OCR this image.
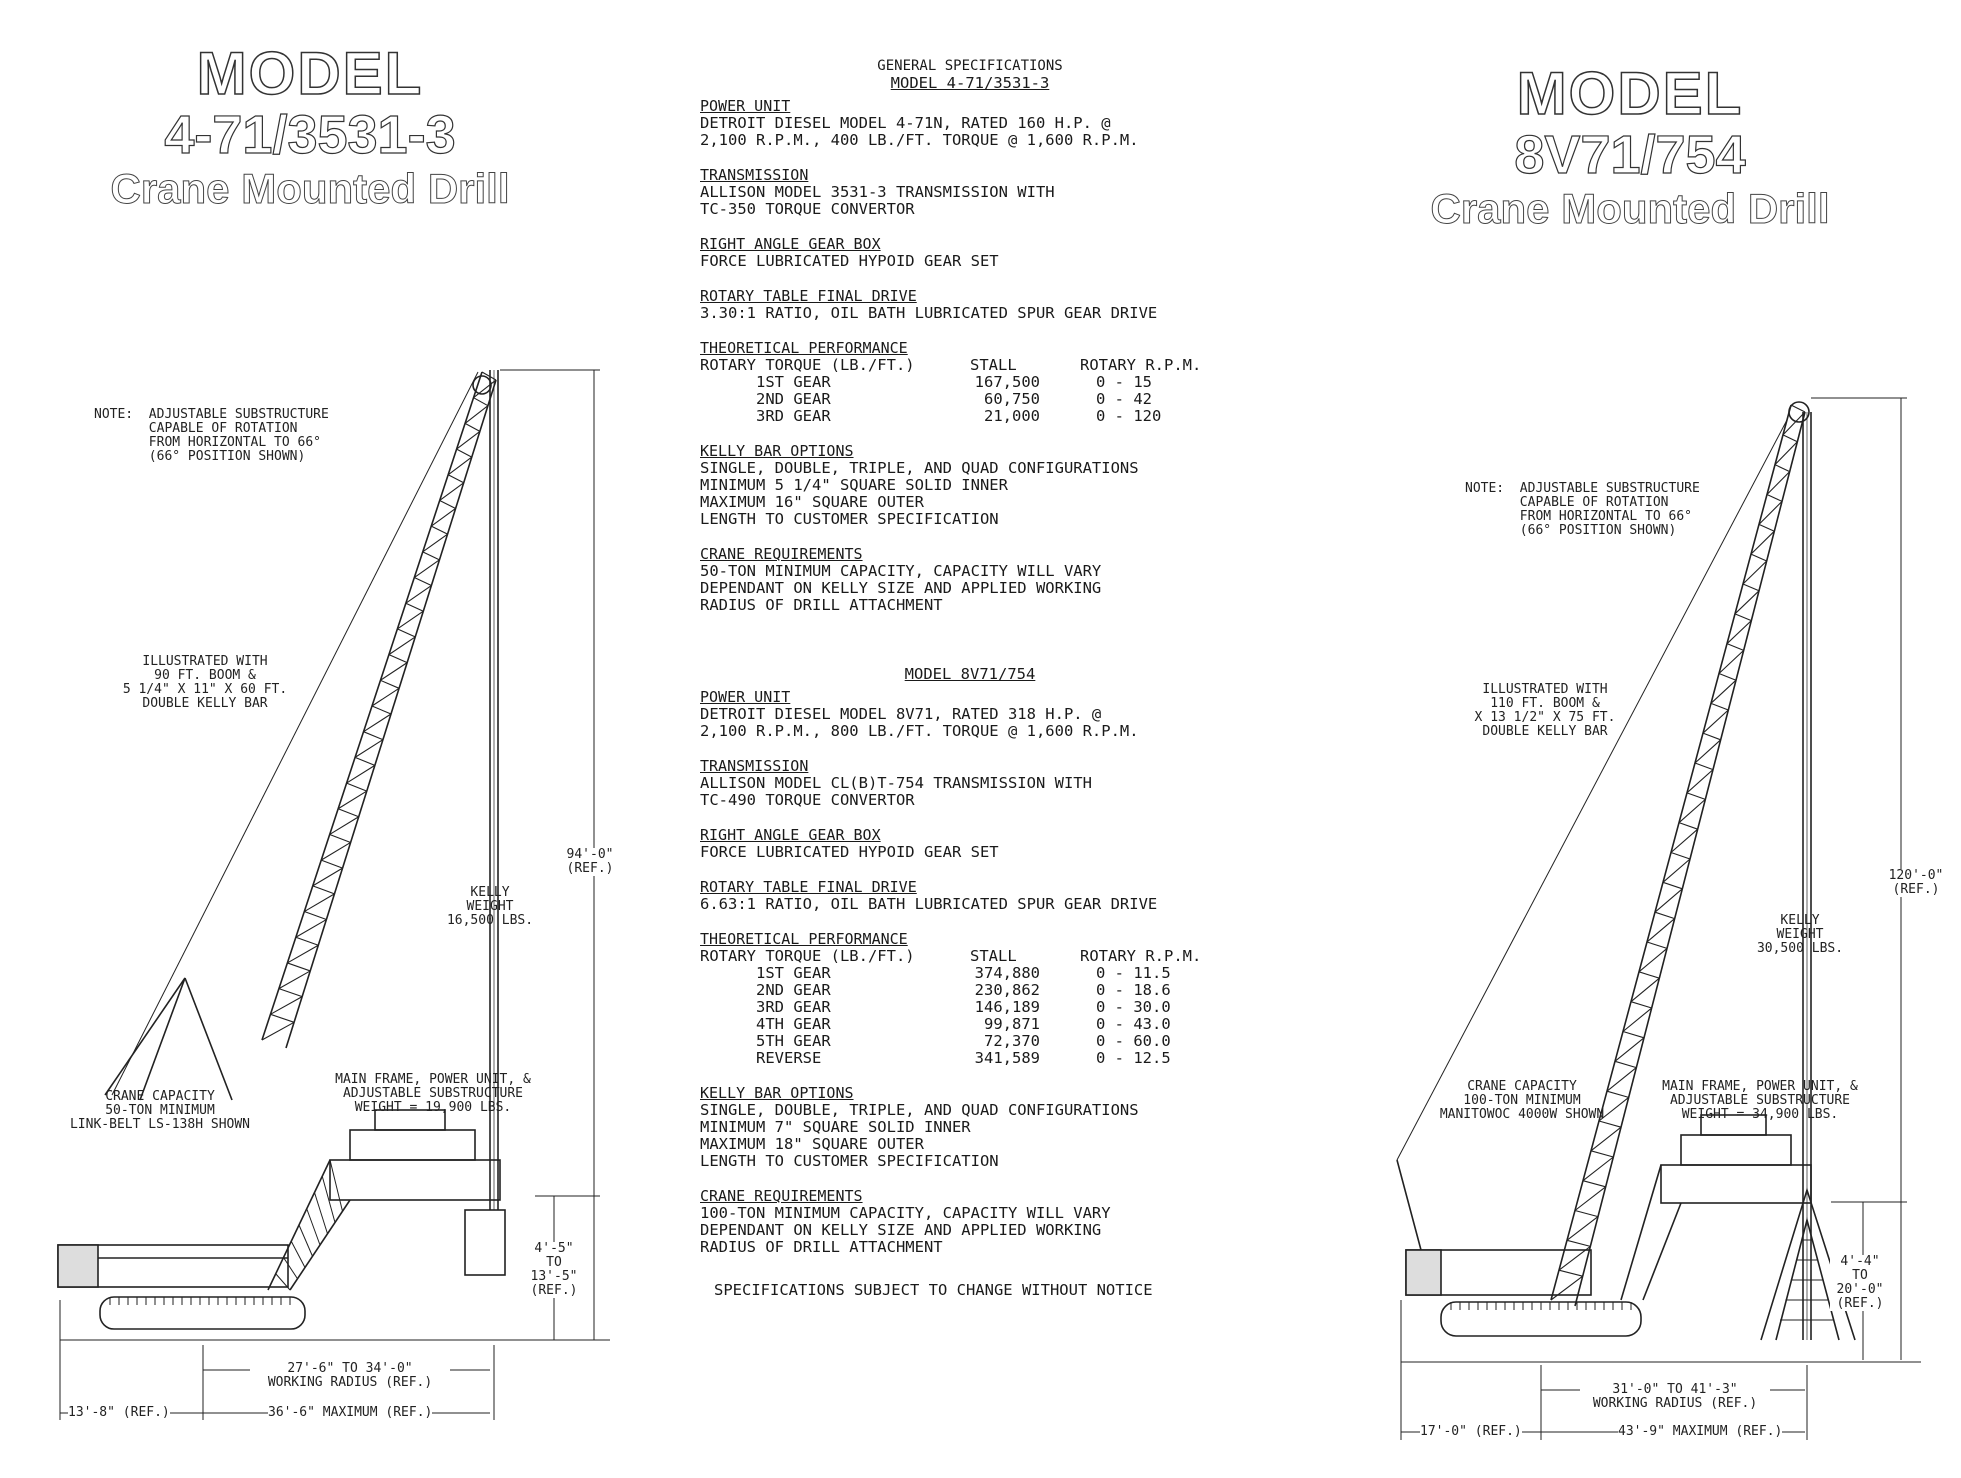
MODEL
4-71/3531-3
Crane Mounted Drill
MODEL
8V71/754
Crane Mounted Drill
NOTE:  ADJUSTABLE SUBSTRUCTURE
CAPABLE OF ROTATION
FROM HORIZONTAL TO 66°
(66° POSITION SHOWN)
ILLUSTRATED WITH
90 FT. BOOM &
5 1/4" X 11" X 60 FT.
DOUBLE KELLY BAR
KELLY
WEIGHT
16,500 LBS.
94'-0"
(REF.)
CRANE CAPACITY
50-TON MINIMUM
LINK-BELT LS-138H SHOWN
MAIN FRAME, POWER UNIT, &
ADJUSTABLE SUBSTRUCTURE
WEIGHT = 19,900 LBS.
4'-5"
TO
13'-5"
(REF.)
27'-6" TO 34'-0"
WORKING RADIUS (REF.)
13'-8" (REF.)	36'-6" MAXIMUM (REF.)
NOTE:  ADJUSTABLE SUBSTRUCTURE
CAPABLE OF ROTATION
FROM HORIZONTAL TO 66°
(66° POSITION SHOWN)
ILLUSTRATED WITH
110 FT. BOOM &
X 13 1/2" X 75 FT.
DOUBLE KELLY BAR
KELLY
WEIGHT
30,500 LBS.
120'-0"
(REF.)
CRANE CAPACITY
100-TON MINIMUM
MANITOWOC 4000W SHOWN
MAIN FRAME, POWER UNIT, &
ADJUSTABLE SUBSTRUCTURE
WEIGHT = 34,900 LBS.
4'-4"
TO
20'-0"
(REF.)
31'-0" TO 41'-3"
WORKING RADIUS (REF.)
17'-0" (REF.)	43'-9" MAXIMUM (REF.)

GENERAL SPECIFICATIONS

MODEL 4-71/3531-3

POWER UNIT

DETROIT DIESEL MODEL 4-71N, RATED 160 H.P. @
2,100 R.P.M., 400 LB./FT. TORQUE @ 1,600 R.P.M.

TRANSMISSION

ALLISON MODEL 3531-3 TRANSMISSION WITH
TC-350 TORQUE CONVERTOR

RIGHT ANGLE GEAR BOX

FORCE LUBRICATED HYPOID GEAR SET

ROTARY TABLE FINAL DRIVE

3.30:1 RATIO, OIL BATH LUBRICATED SPUR GEAR DRIVE

THEORETICAL PERFORMANCE

ROTARY TORQUE (LB./FT.)	STALL	ROTARY R.P.M.
1ST GEAR	167,500	0 - 15
2ND GEAR	60,750	0 - 42
3RD GEAR	21,000	0 - 120

KELLY BAR OPTIONS

SINGLE, DOUBLE, TRIPLE, AND QUAD CONFIGURATIONS
MINIMUM 5 1/4" SQUARE SOLID INNER
MAXIMUM 16" SQUARE OUTER
LENGTH TO CUSTOMER SPECIFICATION

CRANE REQUIREMENTS

50-TON MINIMUM CAPACITY, CAPACITY WILL VARY
DEPENDANT ON KELLY SIZE AND APPLIED WORKING
RADIUS OF DRILL ATTACHMENT

MODEL 8V71/754

POWER UNIT

DETROIT DIESEL MODEL 8V71, RATED 318 H.P. @
2,100 R.P.M., 800 LB./FT. TORQUE @ 1,600 R.P.M.

TRANSMISSION

ALLISON MODEL CL(B)T-754 TRANSMISSION WITH
TC-490 TORQUE CONVERTOR

RIGHT ANGLE GEAR BOX

FORCE LUBRICATED HYPOID GEAR SET

ROTARY TABLE FINAL DRIVE

6.63:1 RATIO, OIL BATH LUBRICATED SPUR GEAR DRIVE

THEORETICAL PERFORMANCE

ROTARY TORQUE (LB./FT.)	STALL	ROTARY R.P.M.
1ST GEAR	374,880	0 - 11.5
2ND GEAR	230,862	0 - 18.6
3RD GEAR	146,189	0 - 30.0
4TH GEAR	99,871	0 - 43.0
5TH GEAR	72,370	0 - 60.0
REVERSE	341,589	0 - 12.5

KELLY BAR OPTIONS

SINGLE, DOUBLE, TRIPLE, AND QUAD CONFIGURATIONS
MINIMUM 7" SQUARE SOLID INNER
MAXIMUM 18" SQUARE OUTER
LENGTH TO CUSTOMER SPECIFICATION

CRANE REQUIREMENTS

100-TON MINIMUM CAPACITY, CAPACITY WILL VARY
DEPENDANT ON KELLY SIZE AND APPLIED WORKING
RADIUS OF DRILL ATTACHMENT

SPECIFICATIONS SUBJECT TO CHANGE WITHOUT NOTICE
